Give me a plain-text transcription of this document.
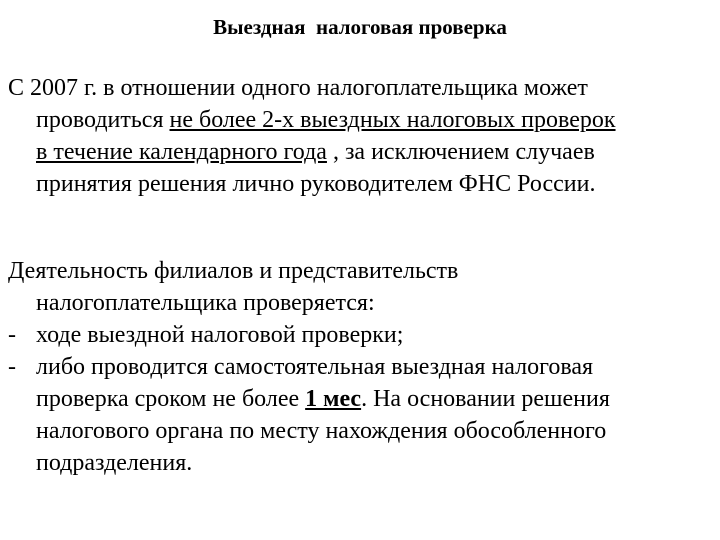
Выездная  налоговая проверка
С 2007 г. в отношении одного налогоплательщика может
проводиться не более 2-х выездных налоговых проверок
в течение календарного года , за исключением случаев
принятия решения лично руководителем ФНС России.
Деятельность филиалов и представительств
налогоплательщика проверяется:
- ходе выездной налоговой проверки;
- либо проводится самостоятельная выездная налоговая
проверка сроком не более 1 мес. На основании решения
налогового органа по месту нахождения обособленного
подразделения.
